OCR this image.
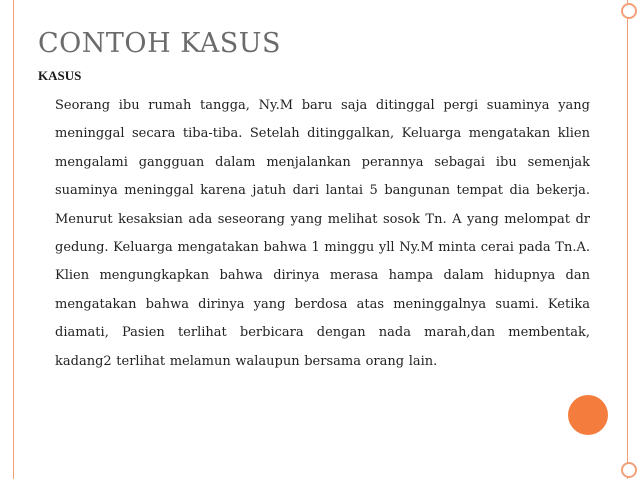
CONTOH KASUS
KASUS
Seorang ibu rumah tangga, Ny.M baru saja ditinggal pergi suaminya yang meninggal secara tiba-tiba. Setelah ditinggalkan, Keluarga mengatakan klien mengalami gangguan dalam menjalankan perannya sebagai ibu semenjak suaminya meninggal karena jatuh dari lantai 5 bangunan tempat dia bekerja. Menurut kesaksian ada seseorang yang melihat sosok Tn. A yang melompat dr gedung. Keluarga mengatakan bahwa 1 minggu yll Ny.M minta cerai pada Tn.A. Klien mengungkapkan bahwa dirinya merasa hampa dalam hidupnya dan mengatakan bahwa dirinya yang berdosa atas meninggalnya suami. Ketika diamati, Pasien terlihat berbicara dengan nada marah,dan membentak, kadang2 terlihat melamun walaupun bersama orang lain.
